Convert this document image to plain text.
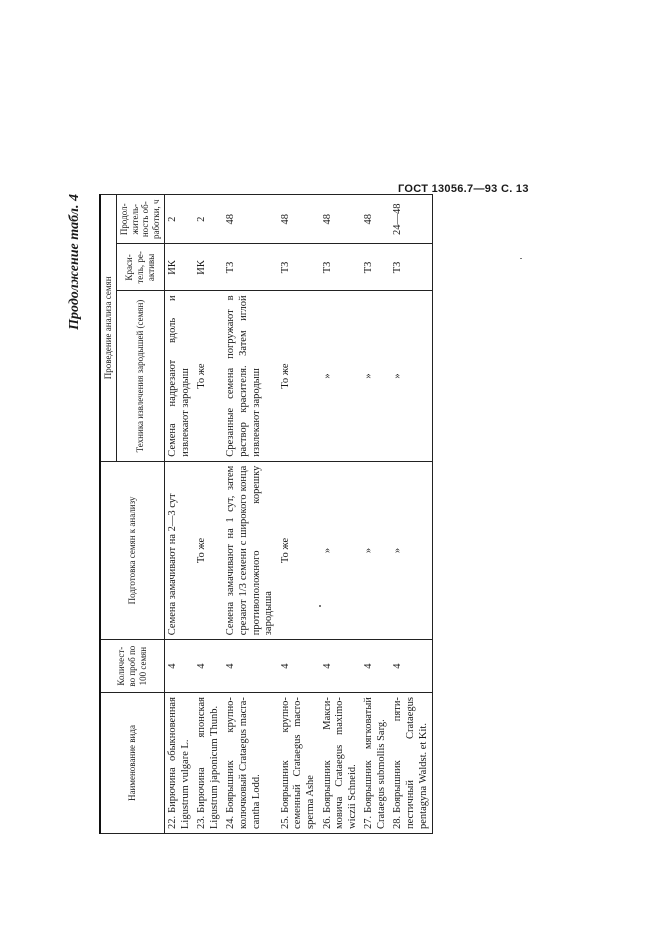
ГОСТ 13056.7—93 С. 13
Продолжение табл. 4
Наименование вида	Количество проб по 100 семян	Подготовка семян к анализу	Проведение анализа семян		
			Техника извлечения зародышей (семян)	Краситель, реактивы	Продолжительность обработки, ч
22.Бирючина обыкновенная Ligustrum vulgare L.	4	Семена замачивают на 2—3 сут	Семена надрезают вдоль и извлекают зародыш	ИК	2
23.Бирючина японская Ligustrum japonicum Thunb.	4	То же	То же	ИК	2
24.Боярышник крупноколючковый Crataegus macracantha Lodd.	4	Семена замачивают на 1 сут, затем срезают 1/3 семени с широкого конца противоположного корешку зародыша	Срезанные семена погружают в раствор красителя. Затем иглой извлекают зародыш	ТЗ	48
25.Боярышник крупносеменный Crataegus macrosperma Ashe	4	То же	То же	ТЗ	48
26.Боярышник Максимовича Crataegus maximowiczii Schneid.	4	»	»	ТЗ	48
27.Боярышник мягковатый Crataegus submollis Sarg.	4	»	»	ТЗ	48
28.Боярышник пятипестичный Crataegus pentagyna Waldst. et Kit.	4	»	»	ТЗ	24—48
